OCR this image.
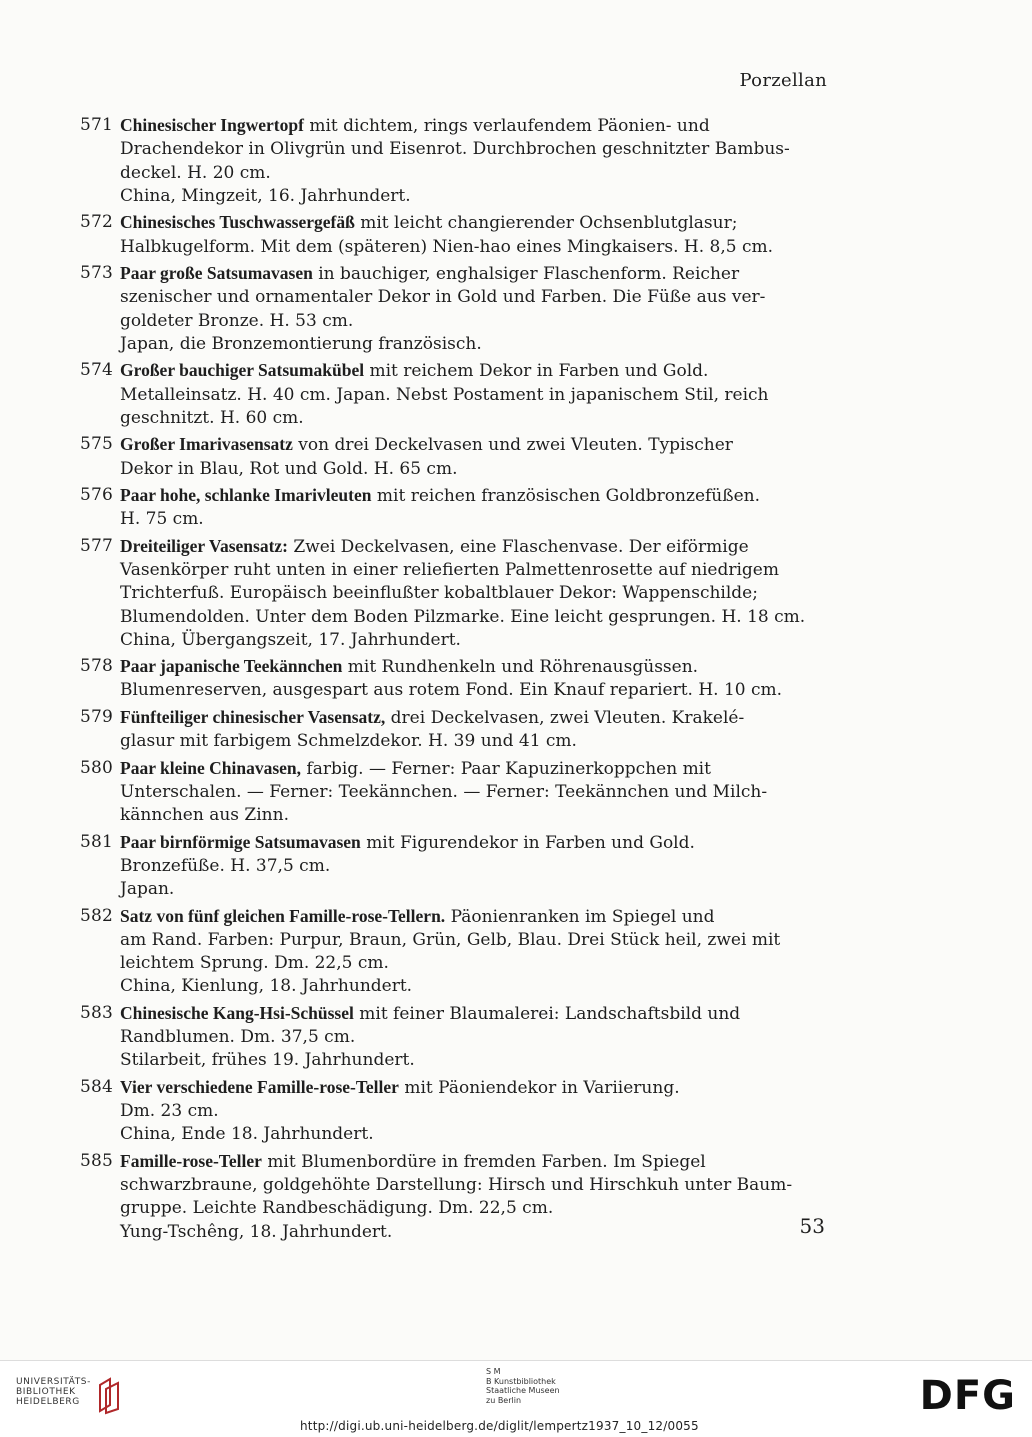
Porzellan
571 Chinesischer Ingwertopf mit dichtem, rings verlaufendem Päonien- und
Drachendekor in Olivgrün und Eisenrot. Durchbrochen geschnitzter Bambus-
deckel. H. 20 cm.
China, Mingzeit, 16. Jahrhundert.
572 Chinesisches Tuschwassergefäß mit leicht changierender Ochsenblutglasur;
Halbkugelform. Mit dem (späteren) Nien-hao eines Mingkaisers. H. 8,5 cm.
573 Paar große Satsumavasen in bauchiger, enghalsiger Flaschenform. Reicher
szenischer und ornamentaler Dekor in Gold und Farben. Die Füße aus ver-
goldeter Bronze. H. 53 cm.
Japan, die Bronzemontierung französisch.
574 Großer bauchiger Satsumakübel mit reichem Dekor in Farben und Gold.
Metalleinsatz. H. 40 cm. Japan. Nebst Postament in japanischem Stil, reich
geschnitzt. H. 60 cm.
575 Großer Imarivasensatz von drei Deckelvasen und zwei Vleuten. Typischer
Dekor in Blau, Rot und Gold. H. 65 cm.
576 Paar hohe, schlanke Imarivleuten mit reichen französischen Goldbronzefüßen.
H. 75 cm.
577 Dreiteiliger Vasensatz: Zwei Deckelvasen, eine Flaschenvase. Der eiförmige
Vasenkörper ruht unten in einer reliefierten Palmettenrosette auf niedrigem
Trichterfuß. Europäisch beeinflußter kobaltblauer Dekor: Wappenschilde;
Blumendolden. Unter dem Boden Pilzmarke. Eine leicht gesprungen. H. 18 cm.
China, Übergangszeit, 17. Jahrhundert.
578 Paar japanische Teekännchen mit Rundhenkeln und Röhrenausgüssen.
Blumenreserven, ausgespart aus rotem Fond. Ein Knauf repariert. H. 10 cm.
579 Fünfteiliger chinesischer Vasensatz, drei Deckelvasen, zwei Vleuten. Krakelé-
glasur mit farbigem Schmelzdekor. H. 39 und 41 cm.
580 Paar kleine Chinavasen, farbig. — Ferner: Paar Kapuzinerkoppchen mit
Unterschalen. — Ferner: Teekännchen. — Ferner: Teekännchen und Milch-
kännchen aus Zinn.
581 Paar birnförmige Satsumavasen mit Figurendekor in Farben und Gold.
Bronzefüße. H. 37,5 cm.
Japan.
582 Satz von fünf gleichen Famille-rose-Tellern. Päonienranken im Spiegel und
am Rand. Farben: Purpur, Braun, Grün, Gelb, Blau. Drei Stück heil, zwei mit
leichtem Sprung. Dm. 22,5 cm.
China, Kienlung, 18. Jahrhundert.
583 Chinesische Kang-Hsi-Schüssel mit feiner Blaumalerei: Landschaftsbild und
Randblumen. Dm. 37,5 cm.
Stilarbeit, frühes 19. Jahrhundert.
584 Vier verschiedene Famille-rose-Teller mit Päoniendekor in Variierung.
Dm. 23 cm.
China, Ende 18. Jahrhundert.
585 Famille-rose-Teller mit Blumenbordüre in fremden Farben. Im Spiegel
schwarzbraune, goldgehöhte Darstellung: Hirsch und Hirschkuh unter Baum-
gruppe. Leichte Randbeschädigung. Dm. 22,5 cm.
Yung-Tschêng, 18. Jahrhundert.	53
UNIVERSITÄTS-
BIBLIOTHEK
HEIDELBERG
S M
B Kunstbibliothek
Staatliche Museen
zu Berlin
http://digi.ub.uni-heidelberg.de/diglit/lempertz1937_10_12/0055
DFG
